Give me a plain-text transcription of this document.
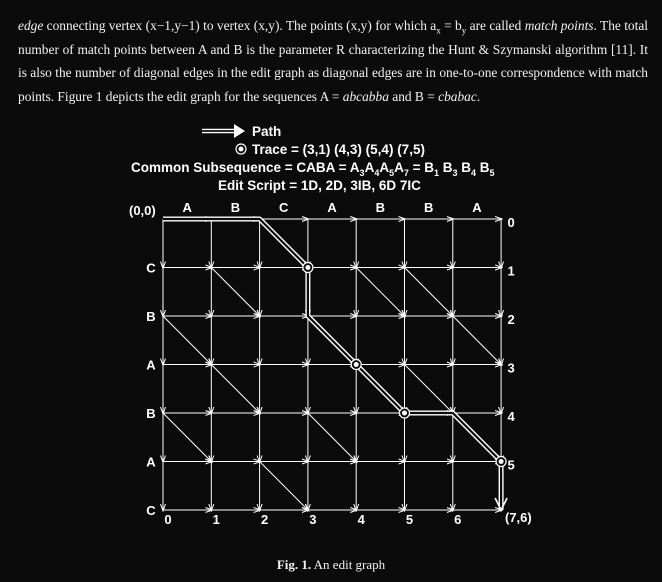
edge connecting vertex (x−1,y−1) to vertex (x,y). The points (x,y) for which $a_x = b_y$ are called match points. The total number of match points between A and B is the parameter R characterizing the Hunt & Szymanski algorithm [11]. It is also the number of diagonal edges in the edit graph as diagonal edges are in one-to-one correspondence with match points. Figure 1 depicts the edit graph for the sequences A = abcabba and B = cbabac.
Path
Trace = (3,1) (4,3) (5,4) (7,5)
Common Subsequence = CABA = $A_3A_4A_5A_7 = B_1$ $B_3$ $B_4$ $B_5$
Edit Script = 1D, 2D, 3IB, 6D 7IC
(0,0)
(7,6)
A	B	C	A	B	B	A
C
B
A
B
A
C
0	1	2	3	4	5	6
0
1
2
3
4
5
Fig. 1. An edit graph
